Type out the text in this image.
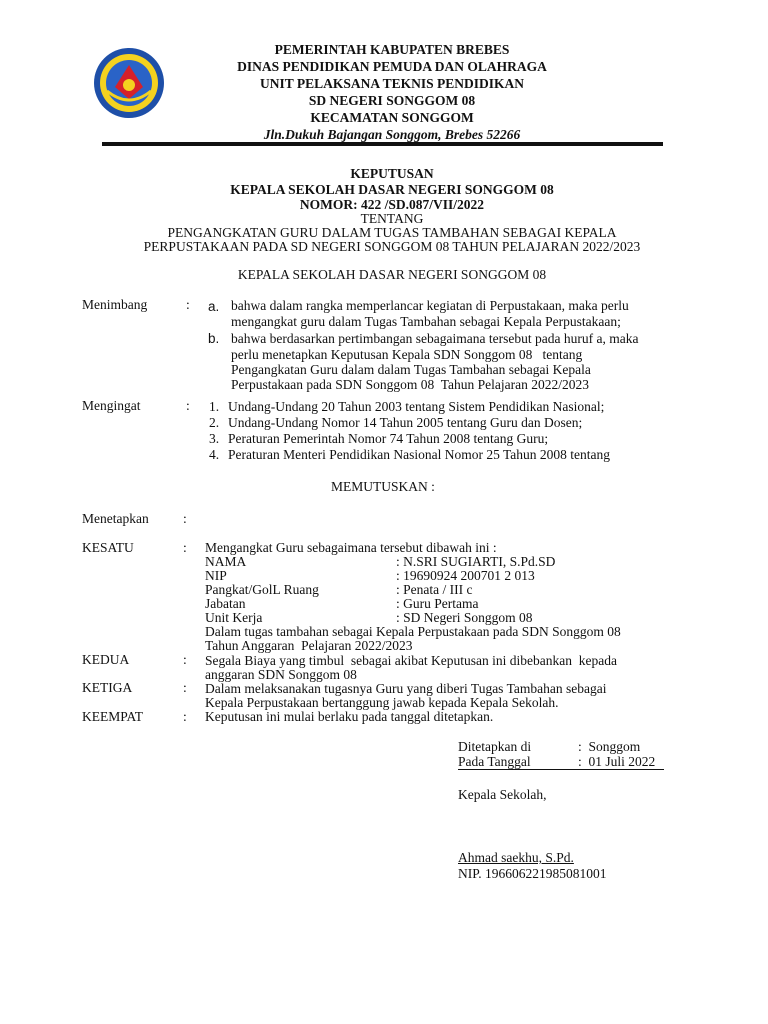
PEMERINTAH KABUPATEN BREBES
DINAS PENDIDIKAN PEMUDA DAN OLAHRAGA
UNIT PELAKSANA TEKNIS PENDIDIKAN
SD NEGERI SONGGOM 08
KECAMATAN SONGGOM
Jln.Dukuh Bajangan Songgom, Brebes 52266
KEPUTUSAN
KEPALA SEKOLAH DASAR NEGERI SONGGOM 08
NOMOR: 422 /SD.087/VII/2022
TENTANG
PENGANGKATAN GURU DALAM TUGAS TAMBAHAN SEBAGAI KEPALA
PERPUSTAKAAN PADA SD NEGERI SONGGOM 08 TAHUN PELAJARAN 2022/2023
KEPALA SEKOLAH DASAR NEGERI SONGGOM 08
Menimbang	: a. bahwa dalam rangka memperlancar kegiatan di Perpustakaan, maka perlu
mengangkat guru dalam Tugas Tambahan sebagai Kepala Perpustakaan;
b. bahwa berdasarkan pertimbangan sebagaimana tersebut pada huruf a, maka
perlu menetapkan Keputusan Kepala SDN Songgom 08   tentang
Pengangkatan Guru dalam dalam Tugas Tambahan sebagai Kepala
Perpustakaan pada SDN Songgom 08  Tahun Pelajaran 2022/2023
Mengingat	: 1. Undang-Undang 20 Tahun 2003 tentang Sistem Pendidikan Nasional;
2. Undang-Undang Nomor 14 Tahun 2005 tentang Guru dan Dosen;
3. Peraturan Pemerintah Nomor 74 Tahun 2008 tentang Guru;
4. Peraturan Menteri Pendidikan Nasional Nomor 25 Tahun 2008 tentang
MEMUTUSKAN :
Menetapkan	:
KESATU	: Mengangkat Guru sebagaimana tersebut dibawah ini :
NAMA	: N.SRI SUGIARTI, S.Pd.SD
NIP	: 19690924 200701 2 013
Pangkat/GolL Ruang	: Penata / III c
Jabatan	: Guru Pertama
Unit Kerja	: SD Negeri Songgom 08
Dalam tugas tambahan sebagai Kepala Perpustakaan pada SDN Songgom 08
Tahun Anggaran  Pelajaran 2022/2023
KEDUA	: Segala Biaya yang timbul  sebagai akibat Keputusan ini dibebankan  kepada
anggaran SDN Songgom 08
KETIGA	: Dalam melaksanakan tugasnya Guru yang diberi Tugas Tambahan sebagai
Kepala Perpustakaan bertanggung jawab kepada Kepala Sekolah.
KEEMPAT	: Keputusan ini mulai berlaku pada tanggal ditetapkan.
Ditetapkan di	:  Songgom
Pada Tanggal	:  01 Juli 2022
Kepala Sekolah,
Ahmad saekhu, S.Pd.
NIP. 196606221985081001
